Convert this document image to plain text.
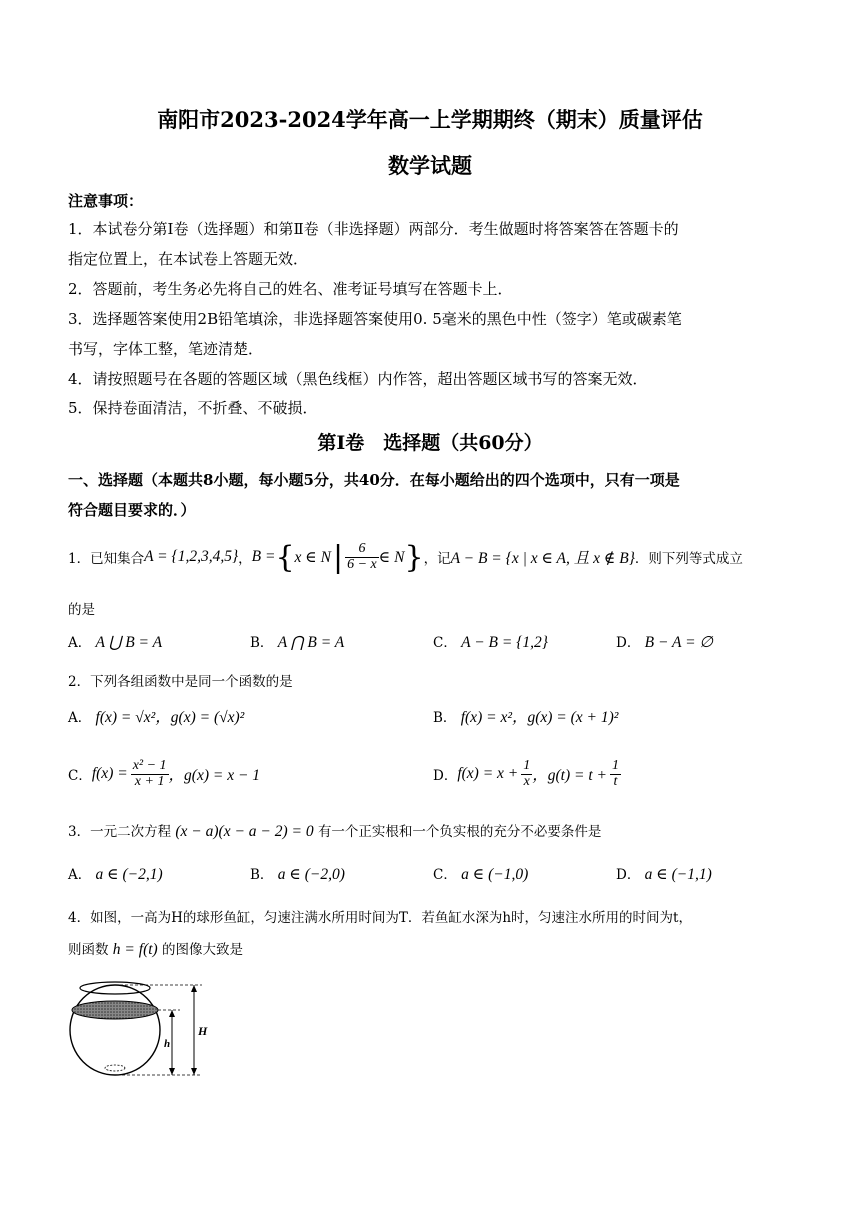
南阳市2023-2024学年高一上学期期终（期末）质量评估
数学试题
注意事项：
1．本试卷分第Ⅰ卷（选择题）和第Ⅱ卷（非选择题）两部分．考生做题时将答案答在答题卡的
指定位置上，在本试卷上答题无效．
2．答题前，考生务必先将自己的姓名、准考证号填写在答题卡上．
3．选择题答案使用2B铅笔填涂，非选择题答案使用0. 5毫米的黑色中性（签字）笔或碳素笔
书写，字体工整，笔迹清楚．
4．请按照题号在各题的答题区域（黑色线框）内作答，超出答题区域书写的答案无效．
5．保持卷面清洁，不折叠、不破损．
第Ⅰ卷　选择题（共60分）
一、选择题（本题共8小题，每小题5分，共40分．在每小题给出的四个选项中，只有一项是
符合题目要求的．）
1．已知集合 A = {1,2,3,4,5} ， B = { x ∈ N | $\frac{6}{6 - x}$ ∈ N } ，记 A − B = {x | x ∈ A, 且 x ∉ B} ．则下列等式成立
的是
A． A ⋃ B = A	B． A ⋂ B = A	C． A − B = {1,2}	D． B − A = ∅
2．下列各组函数中是同一个函数的是
A． f(x) = √x²，g(x) = (√x)²	B． f(x) = x²，g(x) = (x + 1)²
C． $f(x) = \frac{\text{x² − 1}}{x + 1}$ ，g(x) = x − 1	D． $f(x) = x + \frac{1}{x}$ ，$g(t) = t + \frac{1}{t}$
3．一元二次方程 (x − a)(x − a − 2) = 0 有一个正实根和一个负实根的充分不必要条件是
A． a ∈ (−2,1)	B． a ∈ (−2,0)	C． a ∈ (−1,0)	D． a ∈ (−1,1)
4．如图，一高为H的球形鱼缸，匀速注满水所用时间为T．若鱼缸水深为h时，匀速注水所用的时间为t，
则函数 h = f(t) 的图像大致是
H
h
